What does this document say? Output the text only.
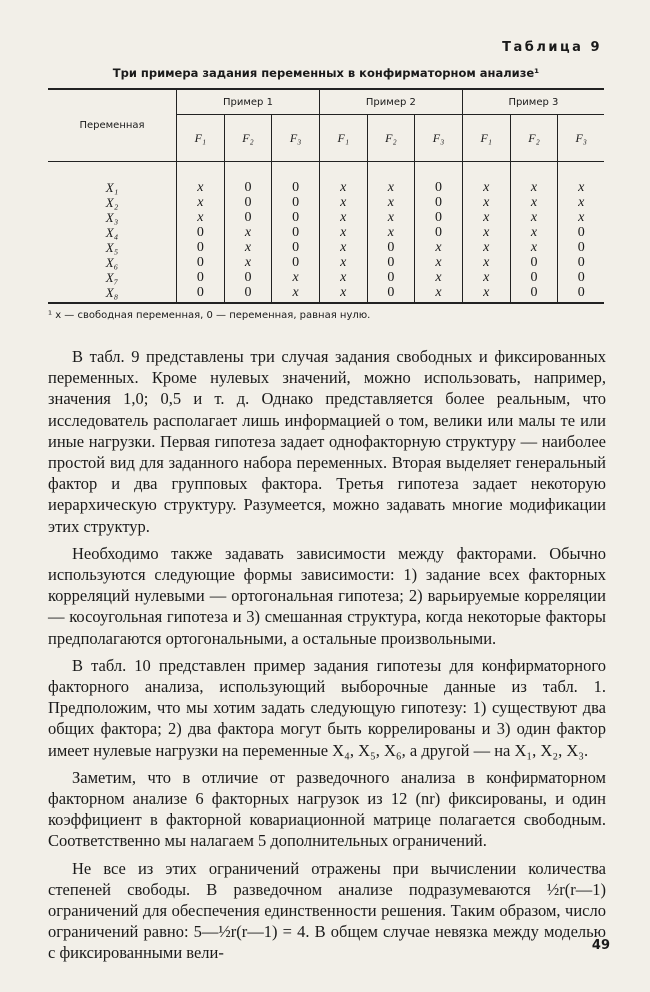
Таблица 9
Три примера задания переменных в конфирматорном анализе¹
Переменная	Пример 1			Пример 2			Пример 3		
	F₁	F₂	F₃	F₁	F₂	F₃	F₁	F₂	F₃
X₁	x	0	0	x	x	0	x	x	x
X₂	x	0	0	x	x	0	x	x	x
X₃	x	0	0	x	x	0	x	x	x
X₄	0	x	0	x	x	0	x	x	0
X₅	0	x	0	x	0	x	x	x	0
X₆	0	x	0	x	0	x	x	0	0
X₇	0	0	x	x	0	x	x	0	0
X₈	0	0	x	x	0	x	x	0	0
¹ x — свободная переменная, 0 — переменная, равная нулю.

В табл. 9 представлены три случая задания свободных и фиксированных переменных. Кроме нулевых значений, можно использовать, например, значения 1,0; 0,5 и т. д. Однако представляется более реальным, что исследователь располагает лишь информацией о том, велики или малы те или иные нагрузки. Первая гипотеза задает однофакторную структуру — наиболее простой вид для заданного набора переменных. Вторая выделяет генеральный фактор и два групповых фактора. Третья гипотеза задает некоторую иерархическую структуру. Разумеется, можно задавать многие модификации этих структур.

Необходимо также задавать зависимости между факторами. Обычно используются следующие формы зависимости: 1) задание всех факторных корреляций нулевыми — ортогональная гипотеза; 2) варьируемые корреляции — косоугольная гипотеза и 3) смешанная структура, когда некоторые факторы предполагаются ортогональными, а остальные произвольными.

В табл. 10 представлен пример задания гипотезы для конфирматорного факторного анализа, использующий выборочные данные из табл. 1. Предположим, что мы хотим задать следующую гипотезу: 1) существуют два общих фактора; 2) два фактора могут быть коррелированы и 3) один фактор имеет нулевые нагрузки на переменные X₄, X₅, X₆, а другой — на X₁, X₂, X₃.

Заметим, что в отличие от разведочного анализа в конфирматорном факторном анализе 6 факторных нагрузок из 12 (nr) фиксированы, и один коэффициент в факторной ковариационной матрице полагается свободным. Соответственно мы налагаем 5 дополнительных ограничений.

Не все из этих ограничений отражены при вычислении количества степеней свободы. В разведочном анализе подразумеваются ½r(r—1) ограничений для обеспечения единственности решения. Таким образом, число ограничений равно: 5—½r(r—1) = 4. В общем случае невязка между моделью с фиксированными вели-	49
